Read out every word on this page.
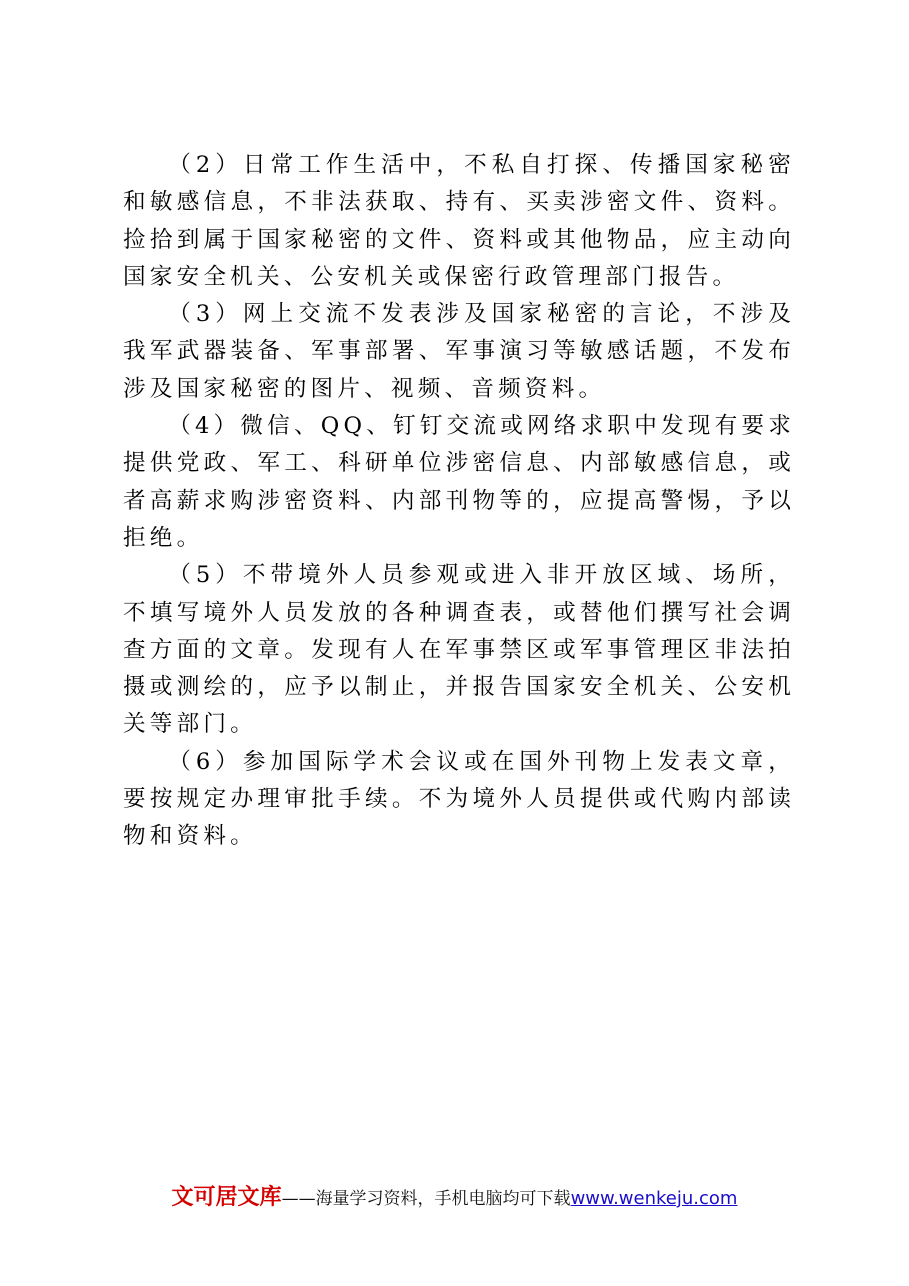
（2）日常工作生活中，不私自打探、传播国家秘密和敏感信息，不非法获取、持有、买卖涉密文件、资料。捡拾到属于国家秘密的文件、资料或其他物品，应主动向国家安全机关、公安机关或保密行政管理部门报告。

（3）网上交流不发表涉及国家秘密的言论，不涉及我军武器装备、军事部署、军事演习等敏感话题，不发布涉及国家秘密的图片、视频、音频资料。

（4）微信、QQ、钉钉交流或网络求职中发现有要求提供党政、军工、科研单位涉密信息、内部敏感信息，或者高薪求购涉密资料、内部刊物等的，应提高警惕，予以拒绝。

（5）不带境外人员参观或进入非开放区域、场所，不填写境外人员发放的各种调查表，或替他们撰写社会调查方面的文章。发现有人在军事禁区或军事管理区非法拍摄或测绘的，应予以制止，并报告国家安全机关、公安机关等部门。

（6）参加国际学术会议或在国外刊物上发表文章，要按规定办理审批手续。不为境外人员提供或代购内部读物和资料。

文可居文库——海量学习资料，手机电脑均可下载www.wenkeju.com
